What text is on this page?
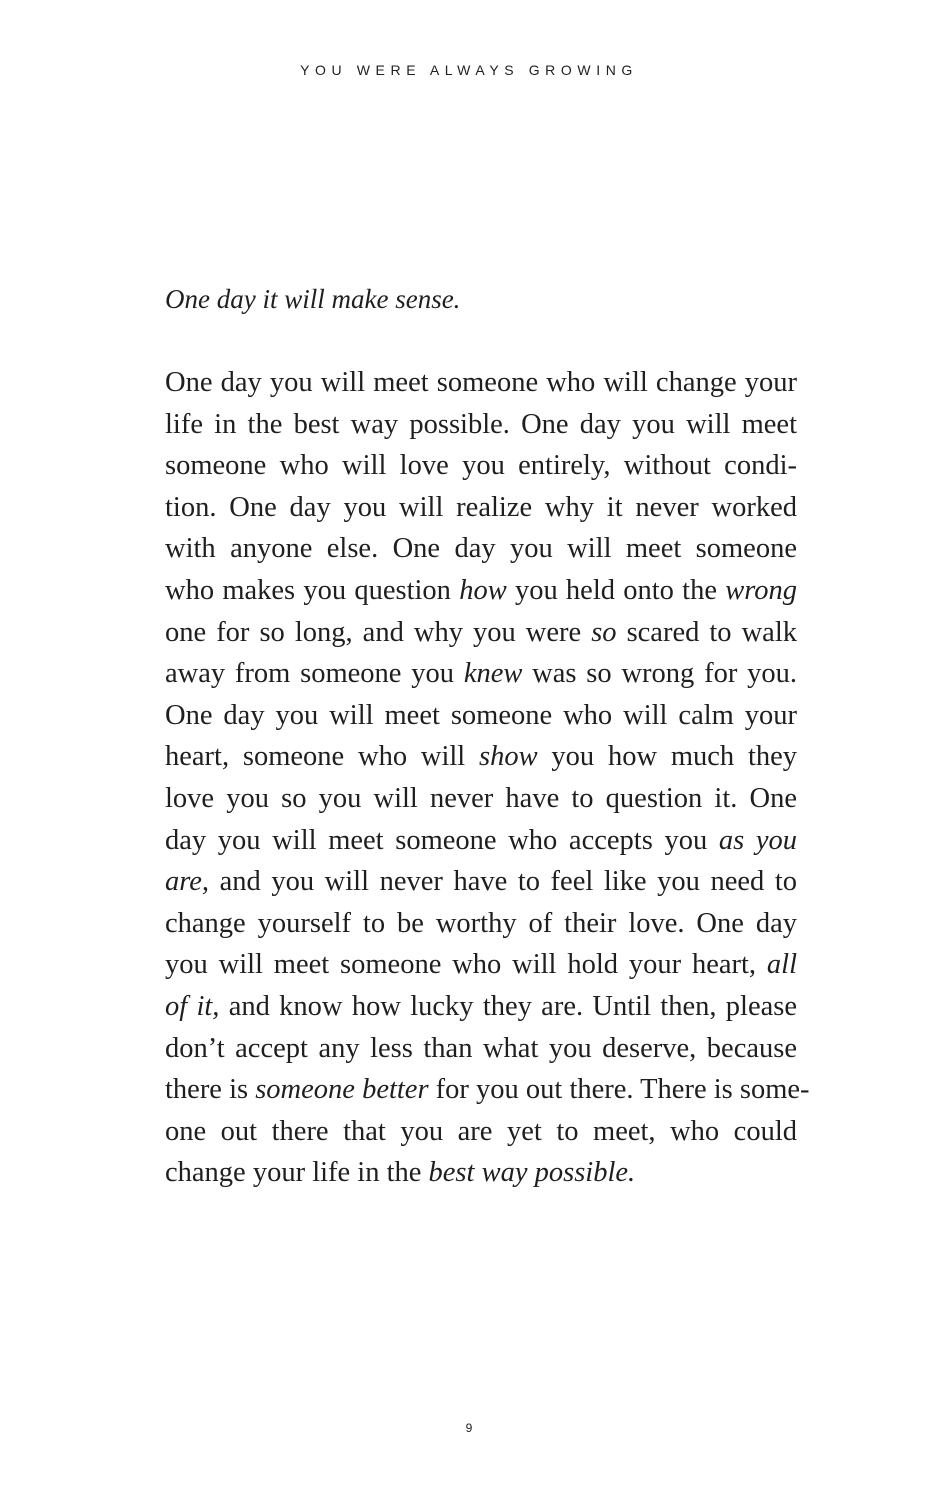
YOU WERE ALWAYS GROWING

One day it will make sense.

One day you will meet someone who will change your
life in the best way possible. One day you will meet
someone who will love you entirely, without condi-
tion. One day you will realize why it never worked
with anyone else. One day you will meet someone
who makes you question how you held onto the wrong
one for so long, and why you were so scared to walk
away from someone you knew was so wrong for you.
One day you will meet someone who will calm your
heart, someone who will show you how much they
love you so you will never have to question it. One
day you will meet someone who accepts you as you
are, and you will never have to feel like you need to
change yourself to be worthy of their love. One day
you will meet someone who will hold your heart, all
of it, and know how lucky they are. Until then, please
don’t accept any less than what you deserve, because
there is someone better for you out there. There is some-
one out there that you are yet to meet, who could
change your life in the best way possible.
9
